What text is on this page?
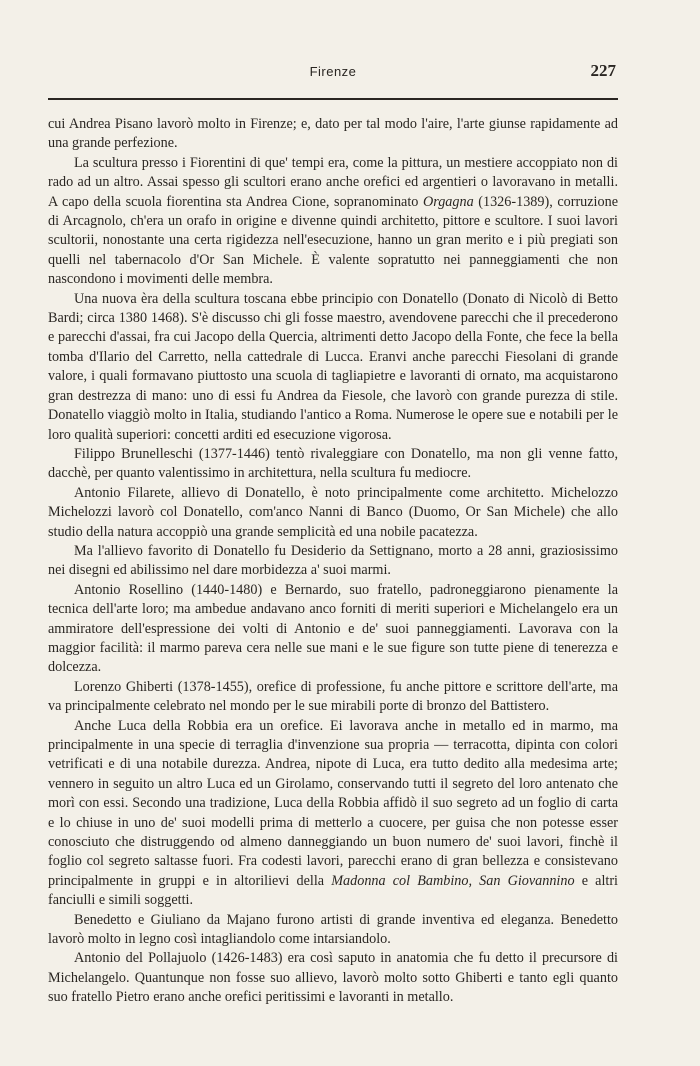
Firenze	227

cui Andrea Pisano lavorò molto in Firenze; e, dato per tal modo l'aire, l'arte giunse rapidamente ad una grande perfezione.

La scultura presso i Fiorentini di que' tempi era, come la pittura, un mestiere accoppiato non di rado ad un altro. Assai spesso gli scultori erano anche orefici ed argentieri o lavoravano in metalli. A capo della scuola fiorentina sta Andrea Cione, sopranominato Orgagna (1326-1389), corruzione di Arcagnolo, ch'era un orafo in origine e divenne quindi architetto, pittore e scultore. I suoi lavori scultorii, nonostante una certa rigidezza nell'esecuzione, hanno un gran merito e i più pregiati son quelli nel tabernacolo d'Or San Michele. È valente sopratutto nei panneggiamenti che non nascondono i movimenti delle membra.

Una nuova èra della scultura toscana ebbe principio con Donatello (Donato di Nicolò di Betto Bardi; circa 1380 1468). S'è discusso chi gli fosse maestro, avendovene parecchi che il precederono e parecchi d'assai, fra cui Jacopo della Quercia, altrimenti detto Jacopo della Fonte, che fece la bella tomba d'Ilario del Carretto, nella cattedrale di Lucca. Eranvi anche parecchi Fiesolani di grande valore, i quali formavano piuttosto una scuola di tagliapietre e lavoranti di ornato, ma acquistarono gran destrezza di mano: uno di essi fu Andrea da Fiesole, che lavorò con grande purezza di stile. Donatello viaggiò molto in Italia, studiando l'antico a Roma. Numerose le opere sue e notabili per le loro qualità superiori: concetti arditi ed esecuzione vigorosa.

Filippo Brunelleschi (1377-1446) tentò rivaleggiare con Donatello, ma non gli venne fatto, dacchè, per quanto valentissimo in architettura, nella scultura fu mediocre.

Antonio Filarete, allievo di Donatello, è noto principalmente come architetto. Michelozzo Michelozzi lavorò col Donatello, com'anco Nanni di Banco (Duomo, Or San Michele) che allo studio della natura accoppiò una grande semplicità ed una nobile pacatezza.

Ma l'allievo favorito di Donatello fu Desiderio da Settignano, morto a 28 anni, graziosissimo nei disegni ed abilissimo nel dare morbidezza a' suoi marmi.

Antonio Rosellino (1440-1480) e Bernardo, suo fratello, padroneggiarono pienamente la tecnica dell'arte loro; ma ambedue andavano anco forniti di meriti superiori e Michelangelo era un ammiratore dell'espressione dei volti di Antonio e de' suoi panneggiamenti. Lavorava con la maggior facilità: il marmo pareva cera nelle sue mani e le sue figure son tutte piene di tenerezza e dolcezza.

Lorenzo Ghiberti (1378-1455), orefice di professione, fu anche pittore e scrittore dell'arte, ma va principalmente celebrato nel mondo per le sue mirabili porte di bronzo del Battistero.

Anche Luca della Robbia era un orefice. Ei lavorava anche in metallo ed in marmo, ma principalmente in una specie di terraglia d'invenzione sua propria — terracotta, dipinta con colori vetrificati e di una notabile durezza. Andrea, nipote di Luca, era tutto dedito alla medesima arte; vennero in seguito un altro Luca ed un Girolamo, conservando tutti il segreto del loro antenato che morì con essi. Secondo una tradizione, Luca della Robbia affidò il suo segreto ad un foglio di carta e lo chiuse in uno de' suoi modelli prima di metterlo a cuocere, per guisa che non potesse esser conosciuto che distruggendo od almeno danneggiando un buon numero de' suoi lavori, finchè il foglio col segreto saltasse fuori. Fra codesti lavori, parecchi erano di gran bellezza e consistevano principalmente in gruppi e in altorilievi della Madonna col Bambino, San Giovannino e altri fanciulli e simili soggetti.

Benedetto e Giuliano da Majano furono artisti di grande inventiva ed eleganza. Benedetto lavorò molto in legno così intagliandolo come intarsiandolo.

Antonio del Pollajuolo (1426-1483) era così saputo in anatomia che fu detto il precursore di Michelangelo. Quantunque non fosse suo allievo, lavorò molto sotto Ghiberti e tanto egli quanto suo fratello Pietro erano anche orefici peritissimi e lavoranti in metallo.
